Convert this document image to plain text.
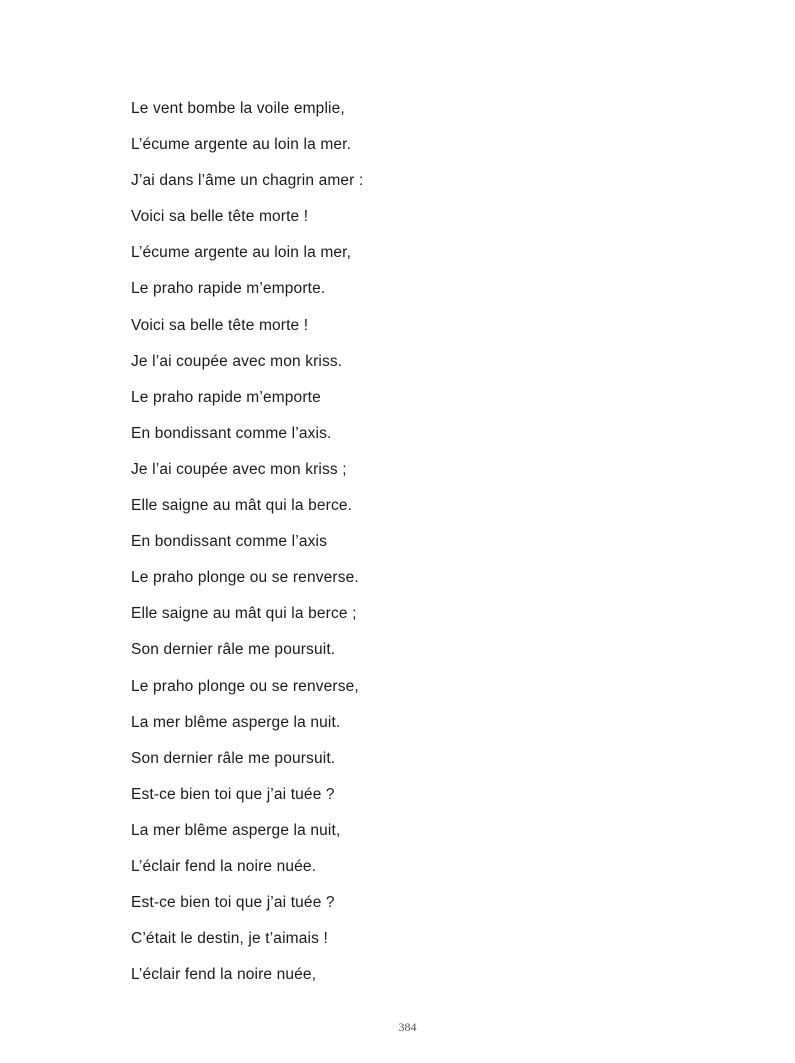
Le vent bombe la voile emplie,
L’écume argente au loin la mer.
J’ai dans l’âme un chagrin amer :
Voici sa belle tête morte !
L’écume argente au loin la mer,
Le praho rapide m’emporte.
Voici sa belle tête morte !
Je l’ai coupée avec mon kriss.
Le praho rapide m’emporte
En bondissant comme l’axis.
Je l’ai coupée avec mon kriss ;
Elle saigne au mât qui la berce.
En bondissant comme l’axis
Le praho plonge ou se renverse.
Elle saigne au mât qui la berce ;
Son dernier râle me poursuit.
Le praho plonge ou se renverse,
La mer blême asperge la nuit.
Son dernier râle me poursuit.
Est-ce bien toi que j’ai tuée ?
La mer blême asperge la nuit,
L’éclair fend la noire nuée.
Est-ce bien toi que j’ai tuée ?
C’était le destin, je t’aimais !
L’éclair fend la noire nuée,
384
